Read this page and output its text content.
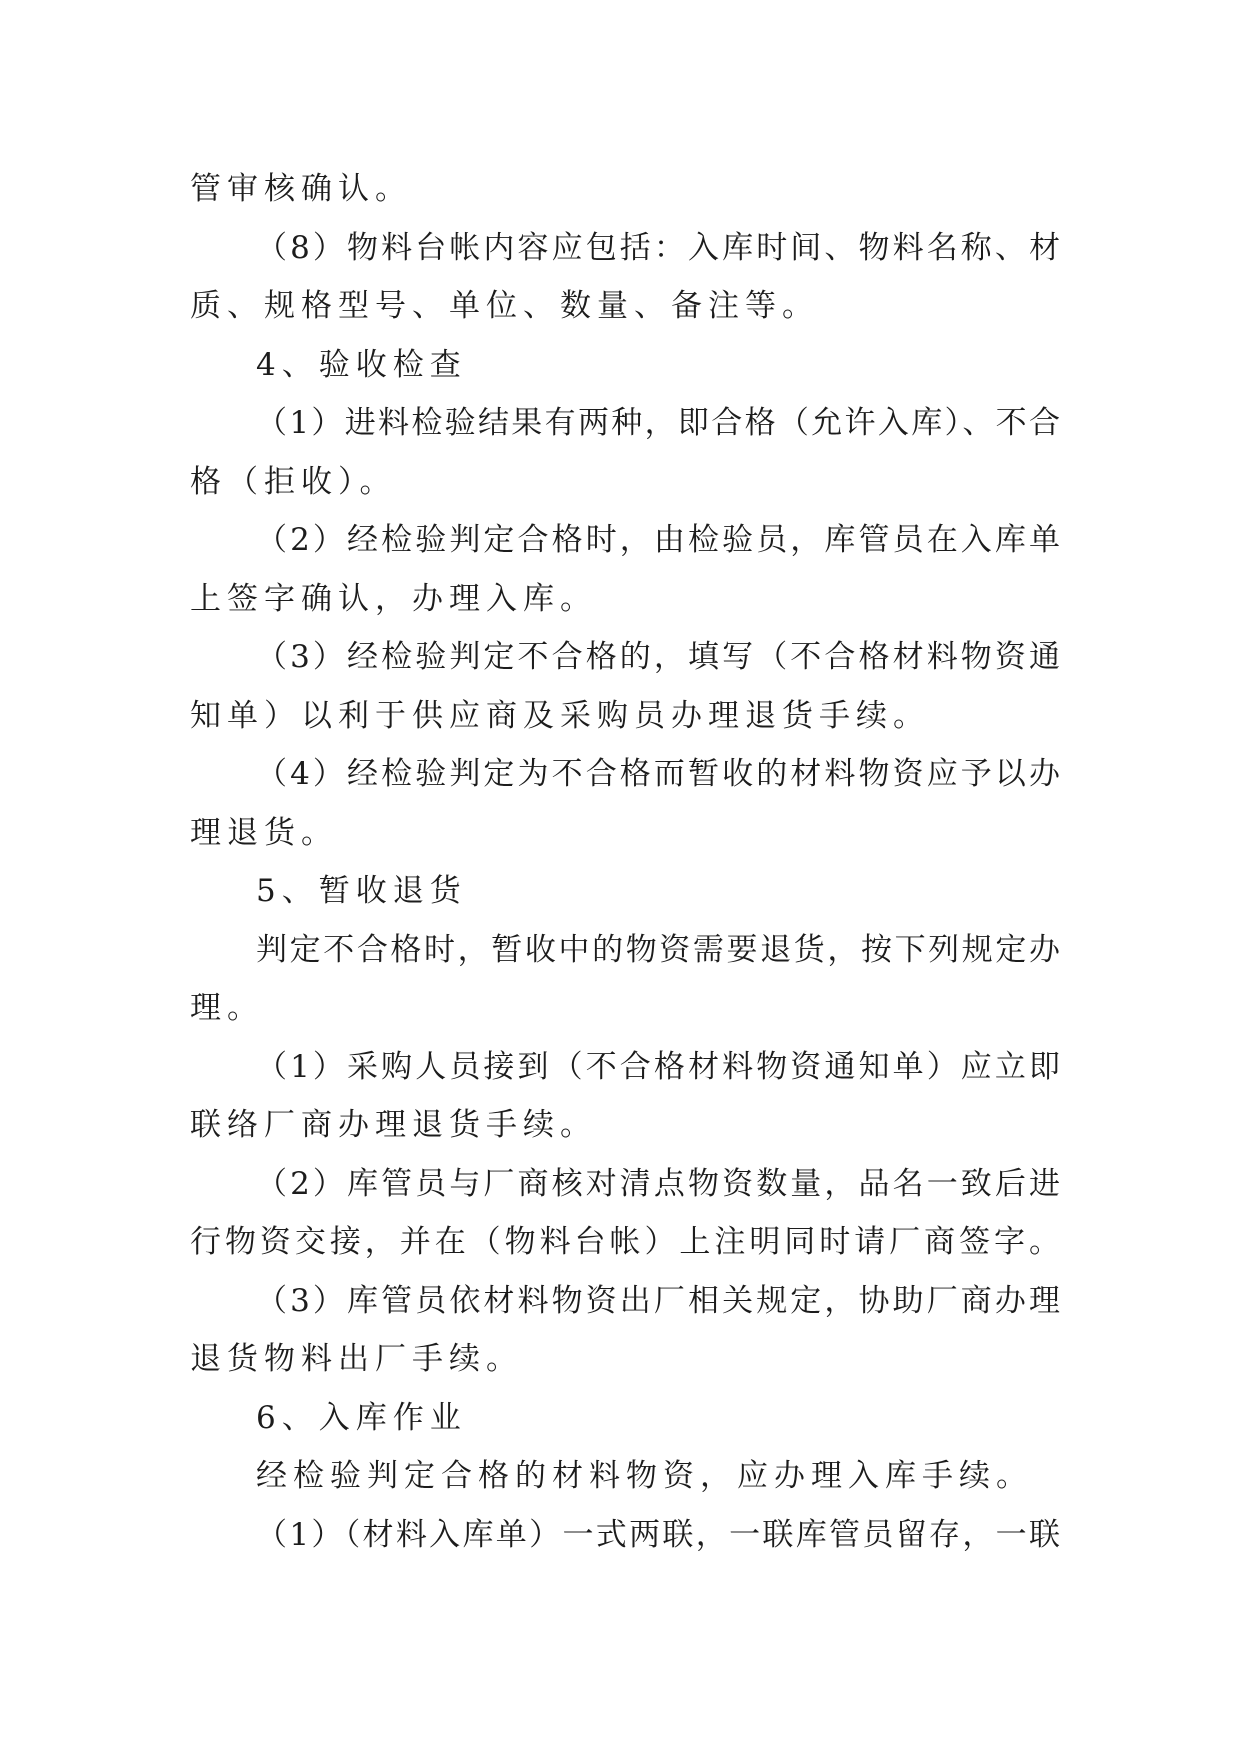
管审核确认。
（8）物料台帐内容应包括：入库时间、物料名称、材
质、规格型号、单位、数量、备注等。
4、验收检查
（1）进料检验结果有两种，即合格（允许入库）、不合
格（拒收）。
（2）经检验判定合格时，由检验员，库管员在入库单
上签字确认，办理入库。
（3）经检验判定不合格的，填写（不合格材料物资通
知单）以利于供应商及采购员办理退货手续。
（4）经检验判定为不合格而暂收的材料物资应予以办
理退货。
5、暂收退货
判定不合格时，暂收中的物资需要退货，按下列规定办
理。
（1）采购人员接到（不合格材料物资通知单）应立即
联络厂商办理退货手续。
（2）库管员与厂商核对清点物资数量，品名一致后进
行物资交接，并在（物料台帐）上注明同时请厂商签字。
（3）库管员依材料物资出厂相关规定，协助厂商办理
退货物料出厂手续。
6、入库作业
经检验判定合格的材料物资，应办理入库手续。
（1）（材料入库单）一式两联，一联库管员留存，一联
